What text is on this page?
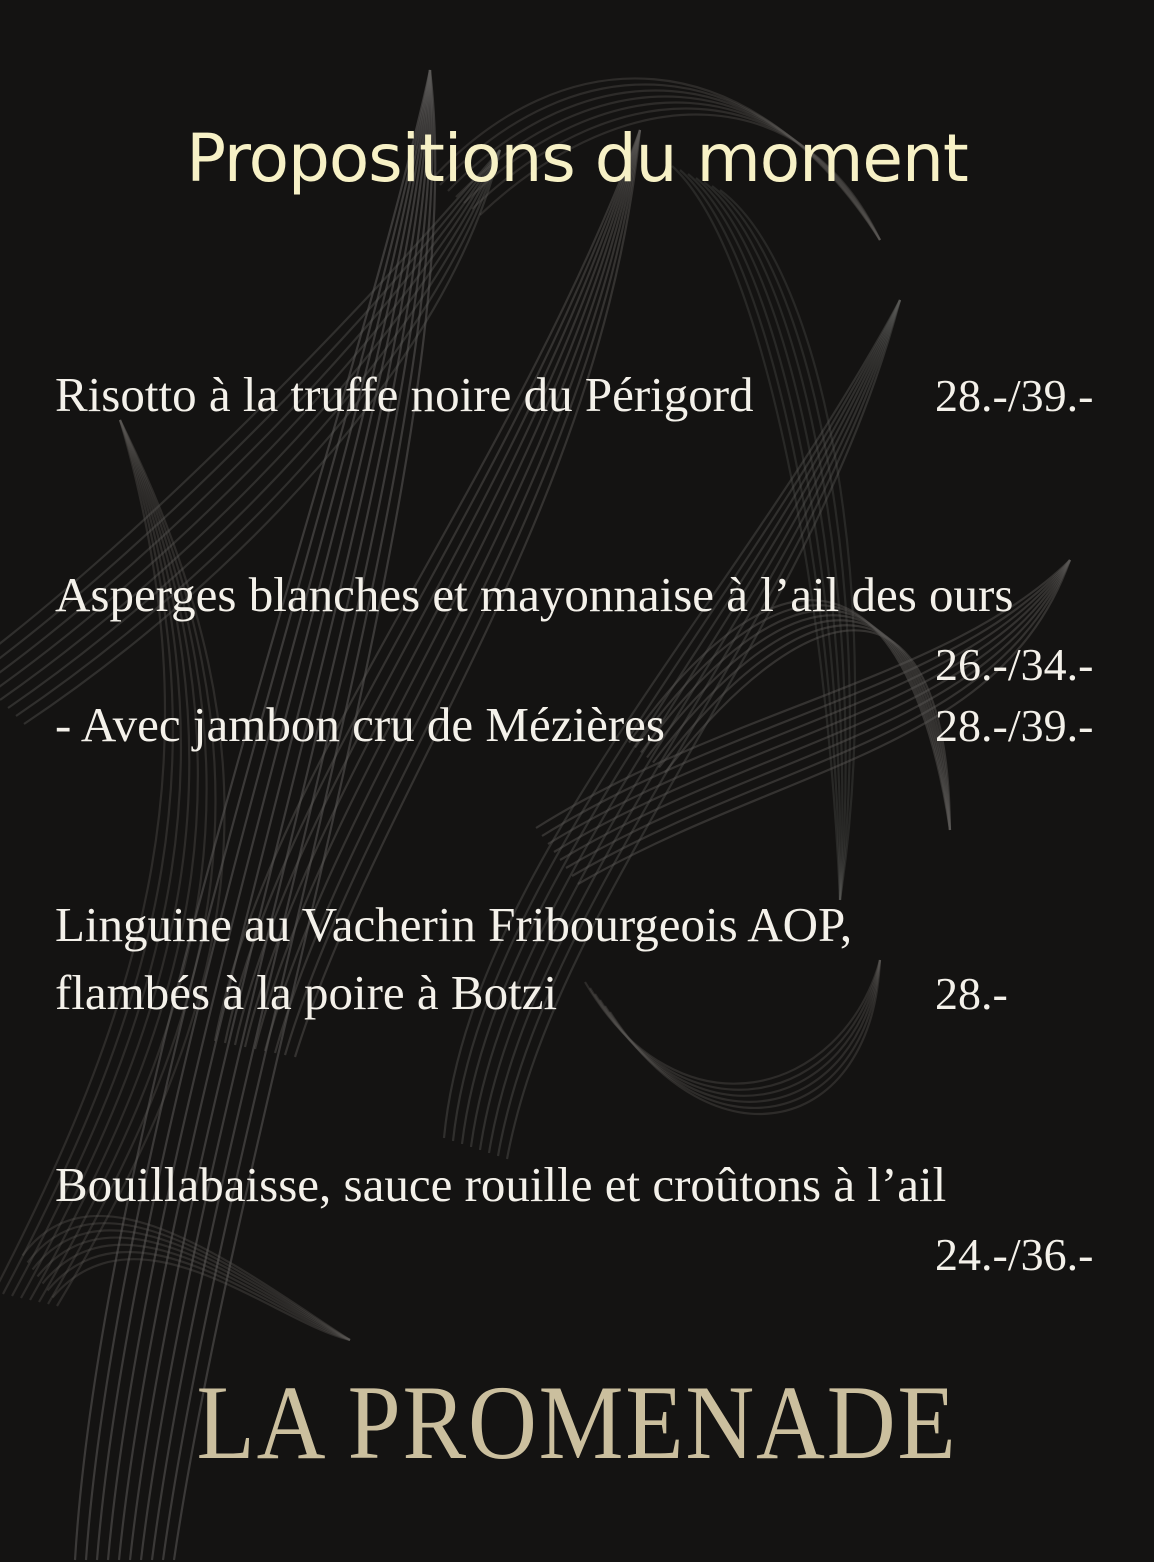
Propositions du moment
Risotto à la truffe noire du Périgord	28.-/39.-
Asperges blanches et mayonnaise à l’ail des ours
26.-/34.-
- Avec jambon cru de Mézières	28.-/39.-
Linguine au Vacherin Fribourgeois AOP,
flambés à la poire à Botzi	28.-
Bouillabaisse, sauce rouille et croûtons à l’ail
24.-/36.-
LA PROMENADE
